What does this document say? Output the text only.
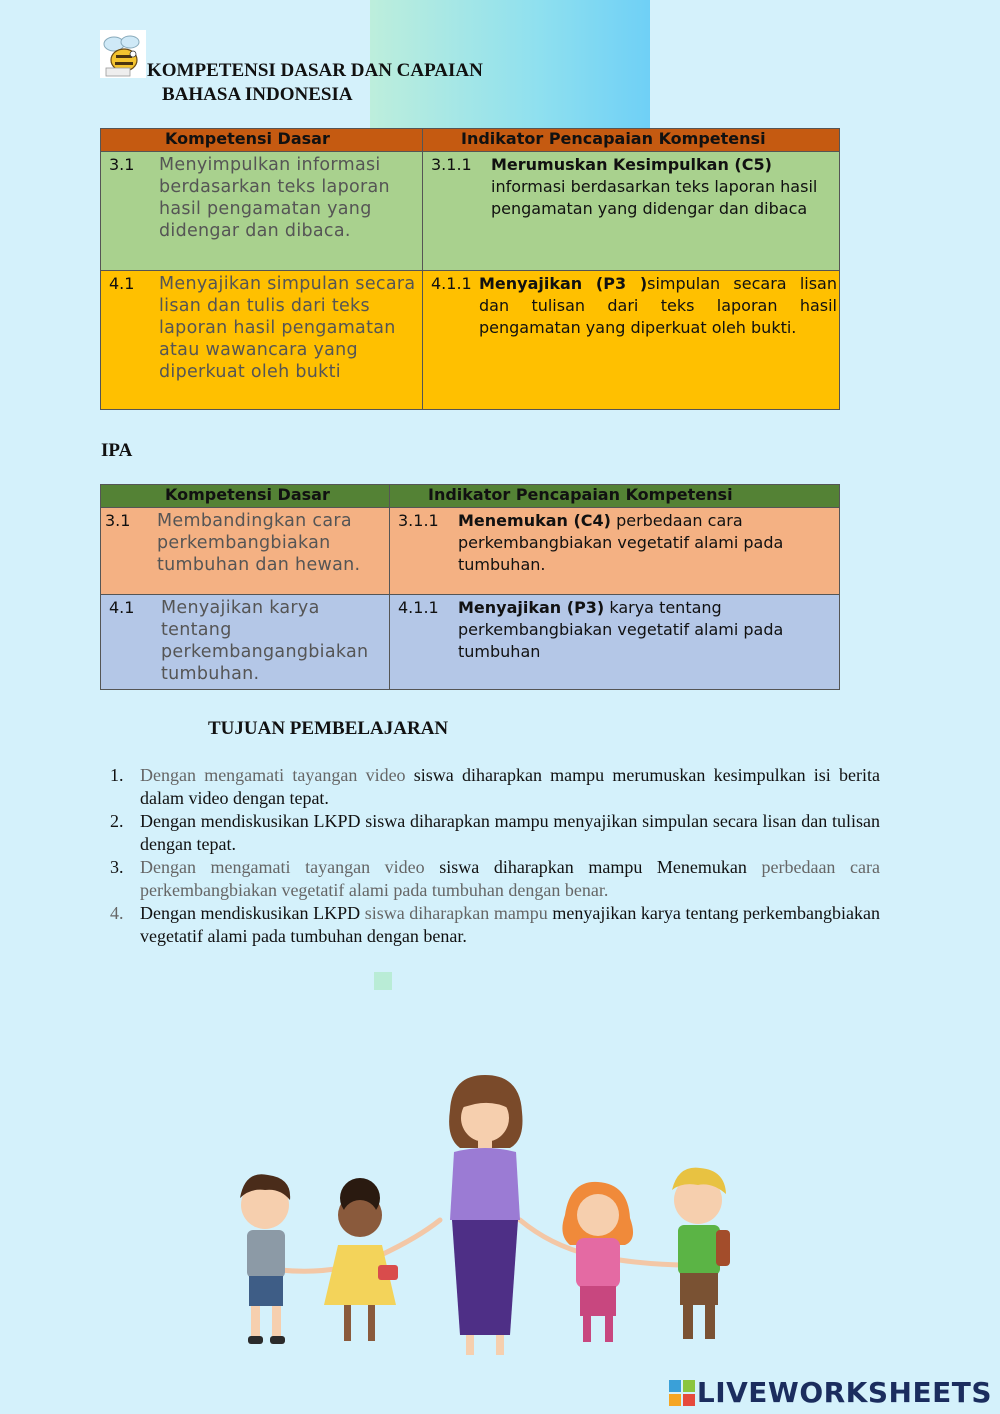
KOMPETENSI DASAR DAN CAPAIAN
BAHASA INDONESIA
Kompetensi Dasar	Indikator Pencapaian Kompetensi

3.1 Menyimpulkan informasi berdasarkan teks laporan hasil pengamatan yang didengar dan dibaca.	3.1.1 Merumuskan Kesimpulkan (C5) informasi berdasarkan teks laporan hasil pengamatan yang didengar dan dibaca

4.1 Menyajikan simpulan secara lisan dan tulis dari teks laporan hasil pengamatan atau wawancara yang diperkuat oleh bukti	4.1.1 Menyajikan (P3 )simpulan secara lisan dan tulisan dari teks laporan hasil pengamatan yang diperkuat oleh bukti.
IPA
Kompetensi Dasar	Indikator Pencapaian Kompetensi

3.1 Membandingkan cara perkembangbiakan tumbuhan dan hewan.	3.1.1 Menemukan (C4) perbedaan cara perkembangbiakan vegetatif alami pada tumbuhan.

4.1 Menyajikan karya tentang perkembangangbiakan tumbuhan.	4.1.1 Menyajikan (P3) karya tentang perkembangbiakan vegetatif alami pada tumbuhan
TUJUAN PEMBELAJARAN
1. Dengan mengamati tayangan video siswa diharapkan mampu merumuskan kesimpulkan isi berita dalam video dengan tepat.
2. Dengan mendiskusikan LKPD siswa diharapkan mampu menyajikan simpulan secara lisan dan tulisan dengan tepat.
3. Dengan mengamati tayangan video siswa diharapkan mampu Menemukan perbedaan cara perkembangbiakan vegetatif alami pada tumbuhan dengan benar.
4. Dengan mendiskusikan LKPD siswa diharapkan mampu menyajikan karya tentang perkembangbiakan vegetatif alami pada tumbuhan dengan benar.
LIVEWORKSHEETS
